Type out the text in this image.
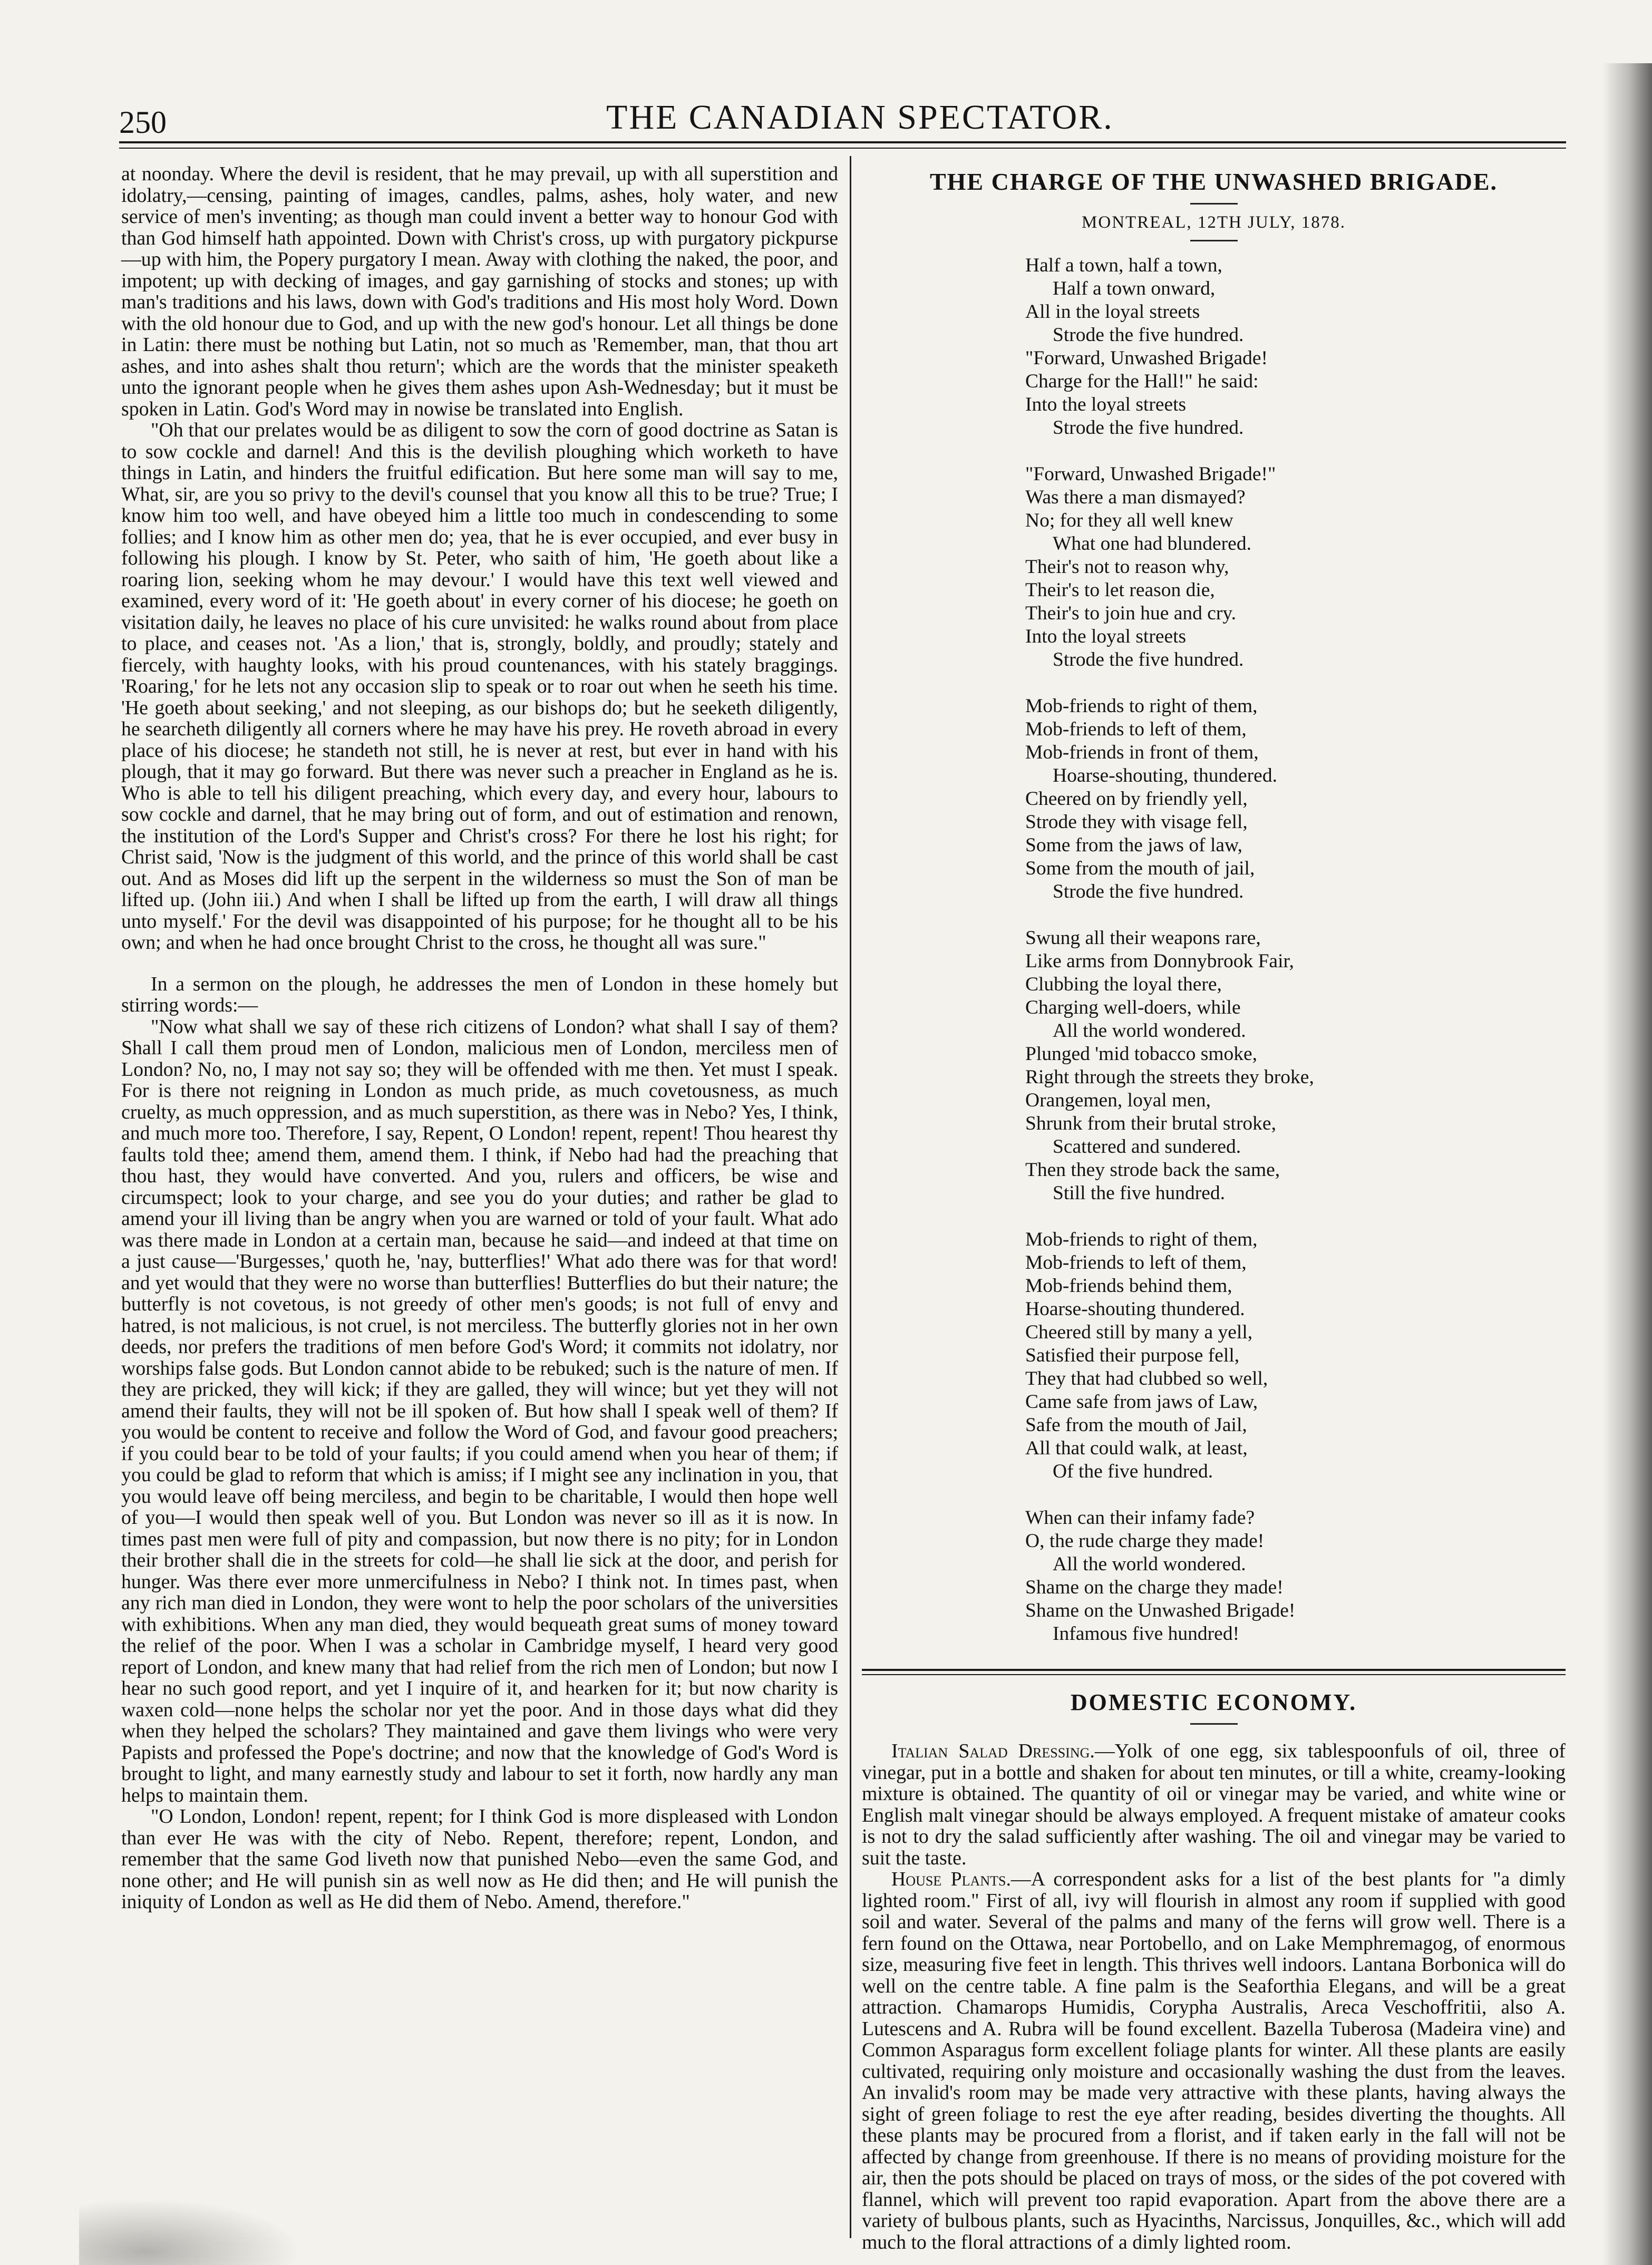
250	THE CANADIAN SPECTATOR.

at noonday. Where the devil is resident, that he may prevail, up with all superstition and idolatry,—censing, painting of images, candles, palms, ashes, holy water, and new service of men's inventing; as though man could invent a better way to honour God with than God himself hath appointed. Down with Christ's cross, up with purgatory pickpurse—up with him, the Popery purgatory I mean. Away with clothing the naked, the poor, and impotent; up with decking of images, and gay garnishing of stocks and stones; up with man's traditions and his laws, down with God's traditions and His most holy Word. Down with the old honour due to God, and up with the new god's honour. Let all things be done in Latin: there must be nothing but Latin, not so much as 'Remember, man, that thou art ashes, and into ashes shalt thou return'; which are the words that the minister speaketh unto the ignorant people when he gives them ashes upon Ash-Wednesday; but it must be spoken in Latin. God's Word may in nowise be translated into English.

"Oh that our prelates would be as diligent to sow the corn of good doctrine as Satan is to sow cockle and darnel! And this is the devilish ploughing which worketh to have things in Latin, and hinders the fruitful edification. But here some man will say to me, What, sir, are you so privy to the devil's counsel that you know all this to be true? True; I know him too well, and have obeyed him a little too much in condescending to some follies; and I know him as other men do; yea, that he is ever occupied, and ever busy in following his plough. I know by St. Peter, who saith of him, 'He goeth about like a roaring lion, seeking whom he may devour.' I would have this text well viewed and examined, every word of it: 'He goeth about' in every corner of his diocese; he goeth on visitation daily, he leaves no place of his cure unvisited: he walks round about from place to place, and ceases not. 'As a lion,' that is, strongly, boldly, and proudly; stately and fiercely, with haughty looks, with his proud countenances, with his stately braggings. 'Roaring,' for he lets not any occasion slip to speak or to roar out when he seeth his time. 'He goeth about seeking,' and not sleeping, as our bishops do; but he seeketh diligently, he searcheth diligently all corners where he may have his prey. He roveth abroad in every place of his diocese; he standeth not still, he is never at rest, but ever in hand with his plough, that it may go forward. But there was never such a preacher in England as he is. Who is able to tell his diligent preaching, which every day, and every hour, labours to sow cockle and darnel, that he may bring out of form, and out of estimation and renown, the institution of the Lord's Supper and Christ's cross? For there he lost his right; for Christ said, 'Now is the judgment of this world, and the prince of this world shall be cast out. And as Moses did lift up the serpent in the wilderness so must the Son of man be lifted up. (John iii.) And when I shall be lifted up from the earth, I will draw all things unto myself.' For the devil was disappointed of his purpose; for he thought all to be his own; and when he had once brought Christ to the cross, he thought all was sure."

In a sermon on the plough, he addresses the men of London in these homely but stirring words:—

"Now what shall we say of these rich citizens of London? what shall I say of them? Shall I call them proud men of London, malicious men of London, merciless men of London? No, no, I may not say so; they will be offended with me then. Yet must I speak. For is there not reigning in London as much pride, as much covetousness, as much cruelty, as much oppression, and as much superstition, as there was in Nebo? Yes, I think, and much more too. Therefore, I say, Repent, O London! repent, repent! Thou hearest thy faults told thee; amend them, amend them. I think, if Nebo had had the preaching that thou hast, they would have converted. And you, rulers and officers, be wise and circumspect; look to your charge, and see you do your duties; and rather be glad to amend your ill living than be angry when you are warned or told of your fault. What ado was there made in London at a certain man, because he said—and indeed at that time on a just cause—'Burgesses,' quoth he, 'nay, butterflies!' What ado there was for that word! and yet would that they were no worse than butterflies! Butterflies do but their nature; the butterfly is not covetous, is not greedy of other men's goods; is not full of envy and hatred, is not malicious, is not cruel, is not merciless. The butterfly glories not in her own deeds, nor prefers the traditions of men before God's Word; it commits not idolatry, nor worships false gods. But London cannot abide to be rebuked; such is the nature of men. If they are pricked, they will kick; if they are galled, they will wince; but yet they will not amend their faults, they will not be ill spoken of. But how shall I speak well of them? If you would be content to receive and follow the Word of God, and favour good preachers; if you could bear to be told of your faults; if you could amend when you hear of them; if you could be glad to reform that which is amiss; if I might see any inclination in you, that you would leave off being merciless, and begin to be charitable, I would then hope well of you—I would then speak well of you. But London was never so ill as it is now. In times past men were full of pity and compassion, but now there is no pity; for in London their brother shall die in the streets for cold—he shall lie sick at the door, and perish for hunger. Was there ever more unmercifulness in Nebo? I think not. In times past, when any rich man died in London, they were wont to help the poor scholars of the universities with exhibitions. When any man died, they would bequeath great sums of money toward the relief of the poor. When I was a scholar in Cambridge myself, I heard very good report of London, and knew many that had relief from the rich men of London; but now I hear no such good report, and yet I inquire of it, and hearken for it; but now charity is waxen cold—none helps the scholar nor yet the poor. And in those days what did they when they helped the scholars? They maintained and gave them livings who were very Papists and professed the Pope's doctrine; and now that the knowledge of God's Word is brought to light, and many earnestly study and labour to set it forth, now hardly any man helps to maintain them.

"O London, London! repent, repent; for I think God is more displeased with London than ever He was with the city of Nebo. Repent, therefore; repent, London, and remember that the same God liveth now that punished Nebo—even the same God, and none other; and He will punish sin as well now as He did then; and He will punish the iniquity of London as well as He did them of Nebo. Amend, therefore."

THE CHARGE OF THE UNWASHED BRIGADE.
MONTREAL, 12TH JULY, 1878.
Half a town, half a town,
Half a town onward,
All in the loyal streets
Strode the five hundred.
"Forward, Unwashed Brigade!
Charge for the Hall!" he said:
Into the loyal streets
Strode the five hundred.
"Forward, Unwashed Brigade!"
Was there a man dismayed?
No; for they all well knew
What one had blundered.
Their's not to reason why,
Their's to let reason die,
Their's to join hue and cry.
Into the loyal streets
Strode the five hundred.
Mob-friends to right of them,
Mob-friends to left of them,
Mob-friends in front of them,
Hoarse-shouting, thundered.
Cheered on by friendly yell,
Strode they with visage fell,
Some from the jaws of law,
Some from the mouth of jail,
Strode the five hundred.
Swung all their weapons rare,
Like arms from Donnybrook Fair,
Clubbing the loyal there,
Charging well-doers, while
All the world wondered.
Plunged 'mid tobacco smoke,
Right through the streets they broke,
Orangemen, loyal men,
Shrunk from their brutal stroke,
Scattered and sundered.
Then they strode back the same,
Still the five hundred.
Mob-friends to right of them,
Mob-friends to left of them,
Mob-friends behind them,
Hoarse-shouting thundered.
Cheered still by many a yell,
Satisfied their purpose fell,
They that had clubbed so well,
Came safe from jaws of Law,
Safe from the mouth of Jail,
All that could walk, at least,
Of the five hundred.
When can their infamy fade?
O, the rude charge they made!
All the world wondered.
Shame on the charge they made!
Shame on the Unwashed Brigade!
Infamous five hundred!
DOMESTIC ECONOMY.

Italian Salad Dressing.—Yolk of one egg, six tablespoonfuls of oil, three of vinegar, put in a bottle and shaken for about ten minutes, or till a white, creamy-looking mixture is obtained. The quantity of oil or vinegar may be varied, and white wine or English malt vinegar should be always employed. A frequent mistake of amateur cooks is not to dry the salad sufficiently after washing. The oil and vinegar may be varied to suit the taste.

House Plants.—A correspondent asks for a list of the best plants for "a dimly lighted room." First of all, ivy will flourish in almost any room if supplied with good soil and water. Several of the palms and many of the ferns will grow well. There is a fern found on the Ottawa, near Portobello, and on Lake Memphremagog, of enormous size, measuring five feet in length. This thrives well indoors. Lantana Borbonica will do well on the centre table. A fine palm is the Seaforthia Elegans, and will be a great attraction. Chamarops Humidis, Corypha Australis, Areca Veschoffritii, also A. Lutescens and A. Rubra will be found excellent. Bazella Tuberosa (Madeira vine) and Common Asparagus form excellent foliage plants for winter. All these plants are easily cultivated, requiring only moisture and occasionally washing the dust from the leaves. An invalid's room may be made very attractive with these plants, having always the sight of green foliage to rest the eye after reading, besides diverting the thoughts. All these plants may be procured from a florist, and if taken early in the fall will not be affected by change from greenhouse. If there is no means of providing moisture for the air, then the pots should be placed on trays of moss, or the sides of the pot covered with flannel, which will prevent too rapid evaporation. Apart from the above there are a variety of bulbous plants, such as Hyacinths, Narcissus, Jonquilles, &c., which will add much to the floral attractions of a dimly lighted room.
